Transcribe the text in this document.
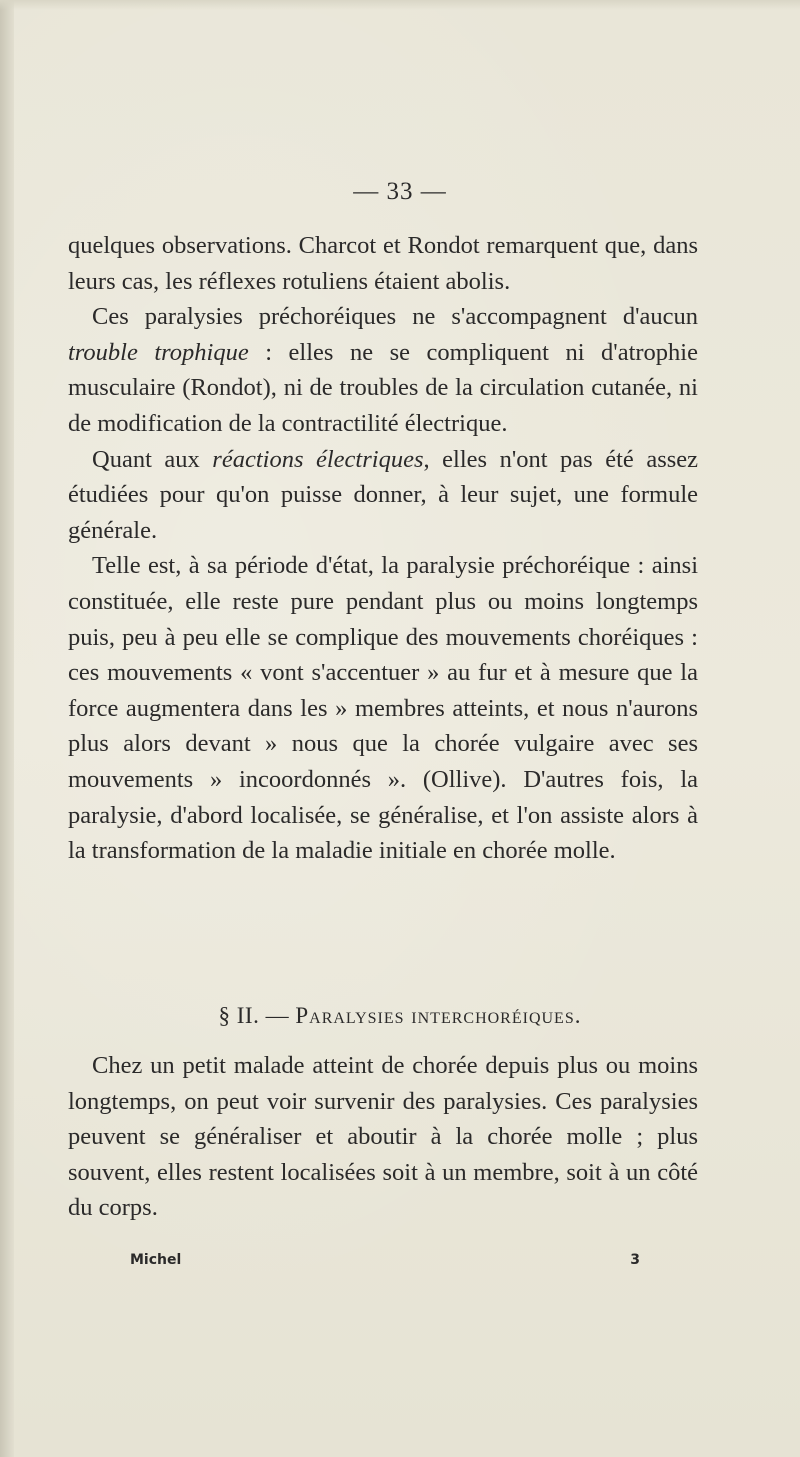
— 33 —

quelques observations. Charcot et Rondot remarquent que, dans leurs cas, les réflexes rotuliens étaient abolis.

Ces paralysies préchoréiques ne s'accompagnent d'aucun trouble trophique : elles ne se compliquent ni d'atrophie musculaire (Rondot), ni de troubles de la circulation cutanée, ni de modification de la contractilité électrique.

Quant aux réactions électriques, elles n'ont pas été assez étudiées pour qu'on puisse donner, à leur sujet, une formule générale.

Telle est, à sa période d'état, la paralysie préchoréique : ainsi constituée, elle reste pure pendant plus ou moins longtemps puis, peu à peu elle se complique des mouvements choréiques : ces mouvements « vont s'accentuer » au fur et à mesure que la force augmentera dans les » membres atteints, et nous n'aurons plus alors devant » nous que la chorée vulgaire avec ses mouvements » incoordonnés ». (Ollive). D'autres fois, la paralysie, d'abord localisée, se généralise, et l'on assiste alors à la transformation de la maladie initiale en chorée molle.

§ II. — Paralysies interchoréiques.

Chez un petit malade atteint de chorée depuis plus ou moins longtemps, on peut voir survenir des paralysies. Ces paralysies peuvent se généraliser et aboutir à la chorée molle ; plus souvent, elles restent localisées soit à un membre, soit à un côté du corps.

Michel	3
